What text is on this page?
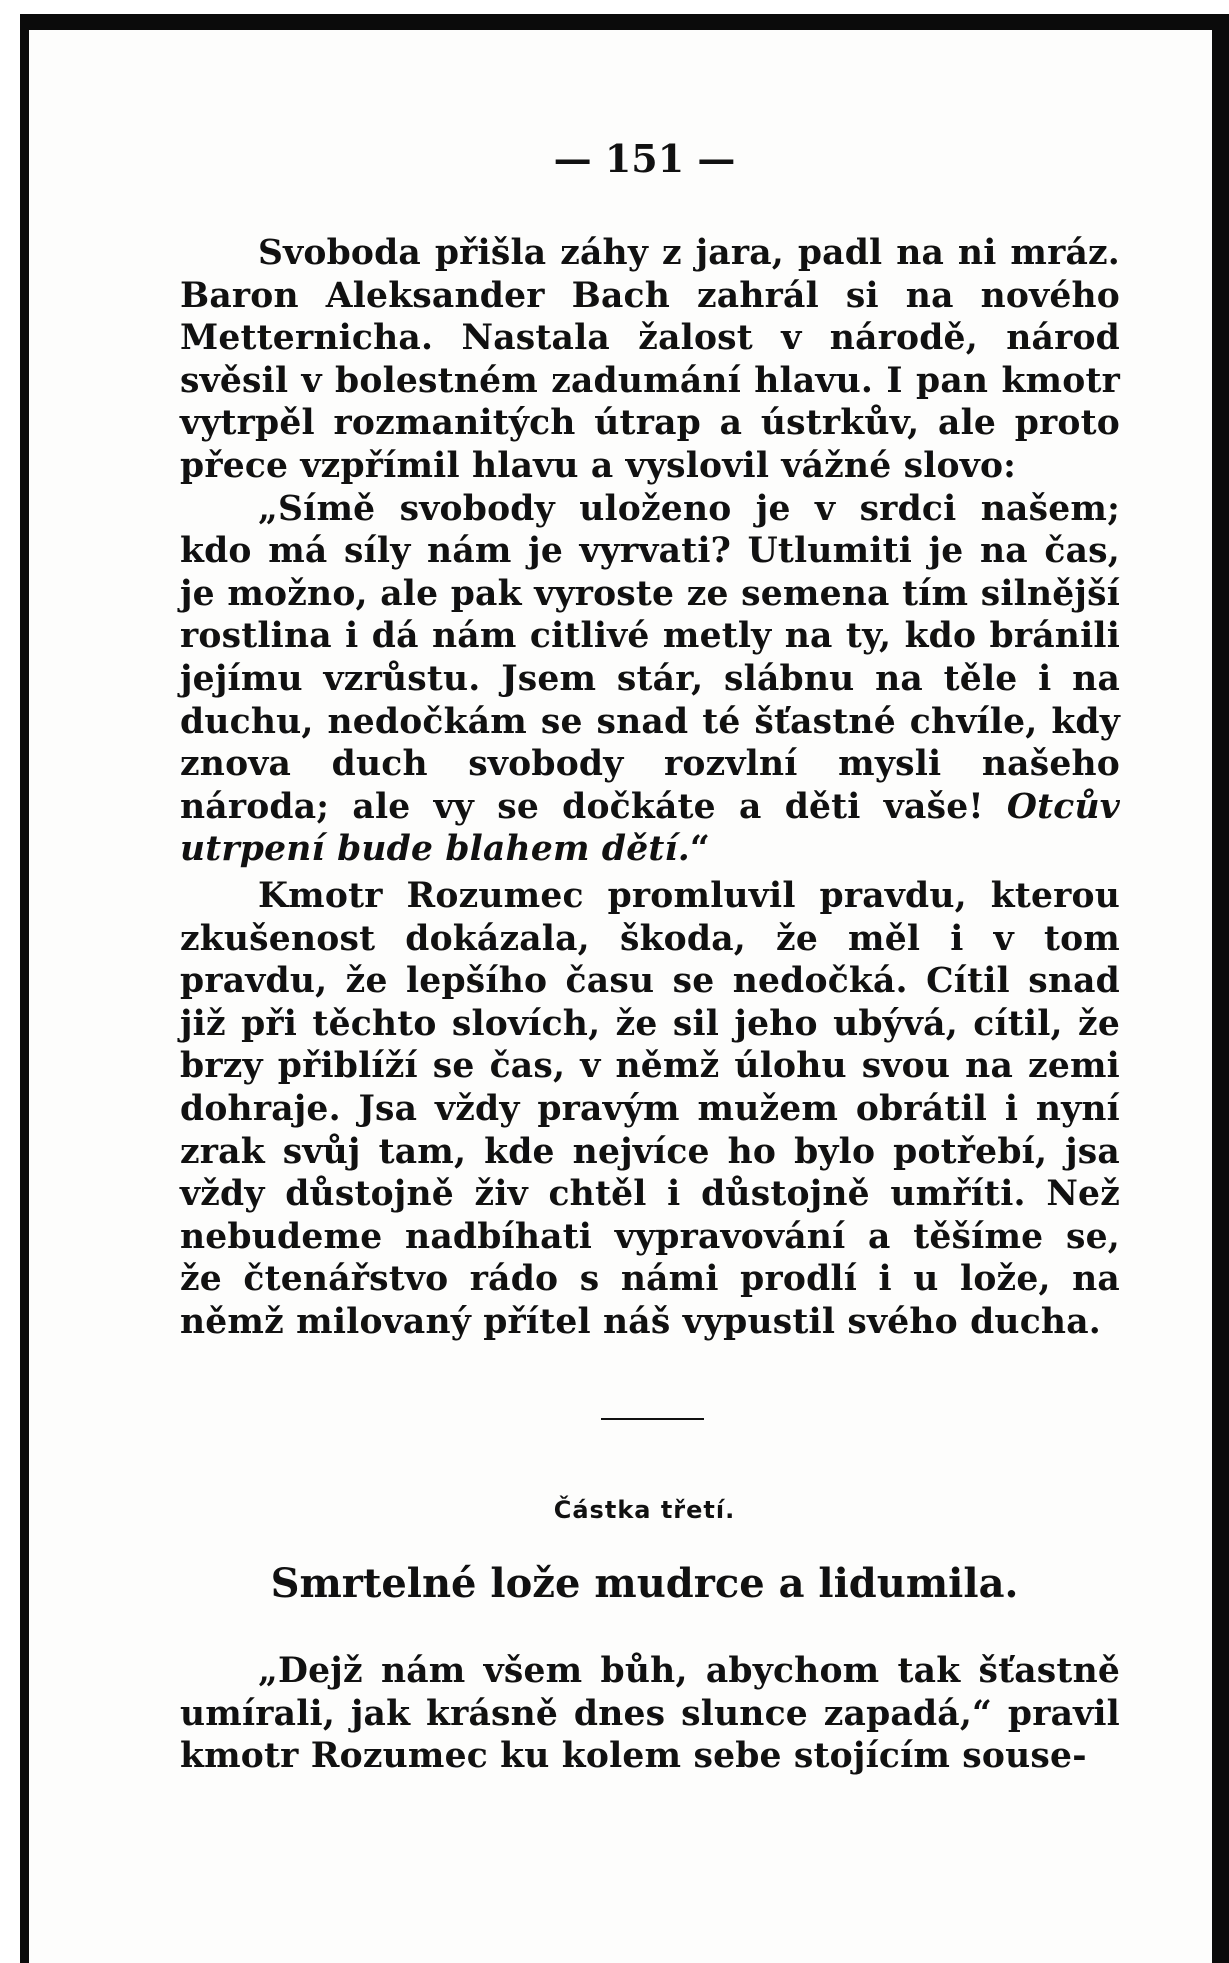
— 151 —

Svoboda přišla záhy z jara, padl na ni mráz. Baron Aleksander Bach zahrál si na nového Metternicha. Nastala žalost v národě, národ svěsil v bolestném zadumání hlavu. I pan kmotr vytrpěl rozmanitých útrap a ústrkův, ale proto přece vzpřímil hlavu a vyslovil vážné slovo:

„Símě svobody uloženo je v srdci našem; kdo má síly nám je vyrvati? Utlumiti je na čas, je možno, ale pak vyroste ze semena tím silnější rostlina i dá nám citlivé metly na ty, kdo bránili jejímu vzrůstu. Jsem stár, slábnu na těle i na duchu, nedočkám se snad té šťastné chvíle, kdy znova duch svobody rozvlní mysli našeho národa; ale vy se dočkáte a děti vaše! Otcův utrpení bude blahem dětí.“

Kmotr Rozumec promluvil pravdu, kterou zkušenost dokázala, škoda, že měl i v tom pravdu, že lepšího času se nedočká. Cítil snad již při těchto slovích, že sil jeho ubývá, cítil, že brzy přiblíží se čas, v němž úlohu svou na zemi dohraje. Jsa vždy pravým mužem obrátil i nyní zrak svůj tam, kde nejvíce ho bylo potřebí, jsa vždy důstojně živ chtěl i důstojně umříti. Než nebudeme nadbíhati vypravování a těšíme se, že čtenářstvo rádo s námi prodlí i u lože, na němž milovaný přítel náš vypustil svého ducha.

Částka třetí.
Smrtelné lože mudrce a lidumila.

„Dejž nám všem bůh, abychom tak šťastně umírali, jak krásně dnes slunce zapadá,“ pravil kmotr Rozumec ku kolem sebe stojícím souse-
